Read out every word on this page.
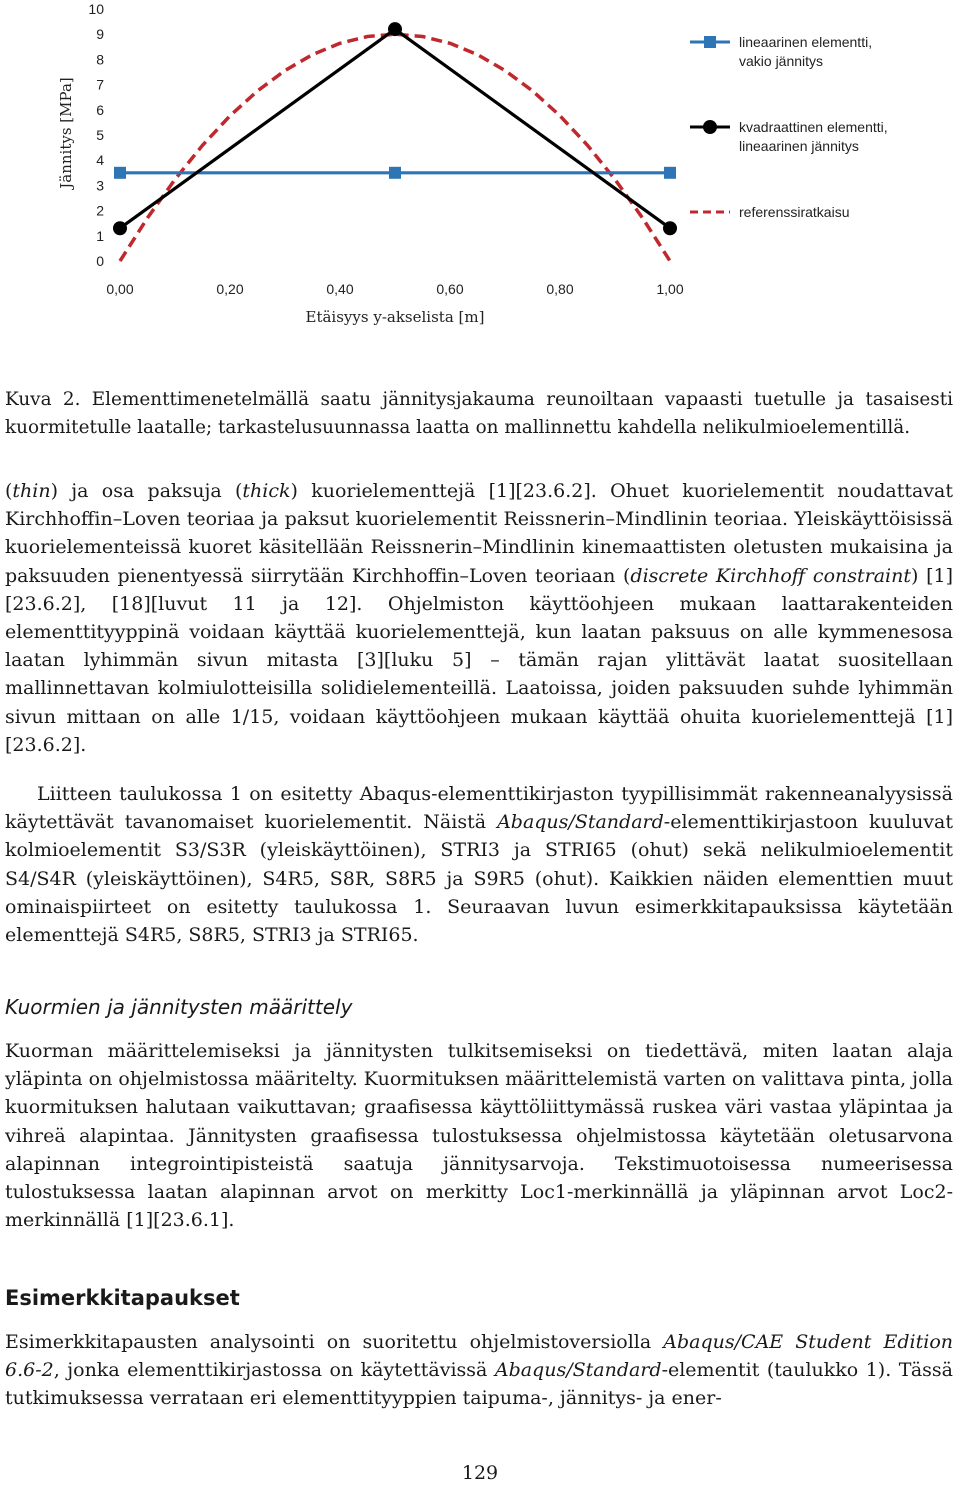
0
1
2
3
4
5
6
7
8
9
10
0,00	0,20	0,40	0,60	0,80	1,00
Jännitys [MPa]
Etäisyys y-akselista [m]
lineaarinen elementti,
vakio jännitys
kvadraattinen elementti,
lineaarinen jännitys
referenssiratkaisu
Kuva 2. Elementtimenetelmällä saatu jännitysjakauma reunoiltaan vapaasti tuetulle ja tasaisesti kuormitetulle laatalle; tarkastelusuunnassa laatta on mallinnettu kahdella nelikulmioelementillä.
(thin) ja osa paksuja (thick) kuorielementtejä [1][23.6.2]. Ohuet kuorielementit noudattavat Kirchhoffin–Loven teoriaa ja paksut kuorielementit Reissnerin–Mindlinin teoriaa. Yleiskäyttöisissä kuorielementeissä kuoret käsitellään Reissnerin–Mindlinin kinemaattisten oletusten mukaisina ja paksuuden pienentyessä siirrytään Kirchhoffin–Loven teoriaan (discrete Kirchhoff constraint) [1][23.6.2], [18][luvut 11 ja 12]. Ohjelmiston käyttöohjeen mukaan laattarakenteiden elementtityyppinä voidaan käyttää kuorielementtejä, kun laatan paksuus on alle kymmenesosa laatan lyhimmän sivun mitasta [3][luku 5] – tämän rajan ylittävät laatat suositellaan mallinnettavan kolmiulotteisilla solidielementeillä. Laatoissa, joiden paksuuden suhde lyhimmän sivun mittaan on alle 1/15, voidaan käyttöohjeen mukaan käyttää ohuita kuorielementtejä [1][23.6.2].
Liitteen taulukossa 1 on esitetty Abaqus-elementtikirjaston tyypillisimmät rakenneanalyysissä käytettävät tavanomaiset kuorielementit. Näistä Abaqus/Standard-elementtikirjastoon kuuluvat kolmioelementit S3/S3R (yleiskäyttöinen), STRI3 ja STRI65 (ohut) sekä nelikulmioelementit S4/S4R (yleiskäyttöinen), S4R5, S8R, S8R5 ja S9R5 (ohut). Kaikkien näiden elementtien muut ominaispiirteet on esitetty taulukossa 1. Seuraavan luvun esimerkkitapauksissa käytetään elementtejä S4R5, S8R5, STRI3 ja STRI65.
Kuormien ja jännitysten määrittely
Kuorman määrittelemiseksi ja jännitysten tulkitsemiseksi on tiedettävä, miten laatan alaja yläpinta on ohjelmistossa määritelty. Kuormituksen määrittelemistä varten on valittava pinta, jolla kuormituksen halutaan vaikuttavan; graafisessa käyttöliittymässä ruskea väri vastaa yläpintaa ja vihreä alapintaa. Jännitysten graafisessa tulostuksessa ohjelmistossa käytetään oletusarvona alapinnan integrointipisteistä saatuja jännitysarvoja. Tekstimuotoisessa numeerisessa tulostuksessa laatan alapinnan arvot on merkitty Loc1-merkinnällä ja yläpinnan arvot Loc2-merkinnällä [1][23.6.1].
Esimerkkitapaukset
Esimerkkitapausten analysointi on suoritettu ohjelmistoversiolla Abaqus/CAE Student Edition 6.6-2, jonka elementtikirjastossa on käytettävissä Abaqus/Standard-elementit (taulukko 1). Tässä tutkimuksessa verrataan eri elementtityyppien taipuma-, jännitys- ja ener-
129
